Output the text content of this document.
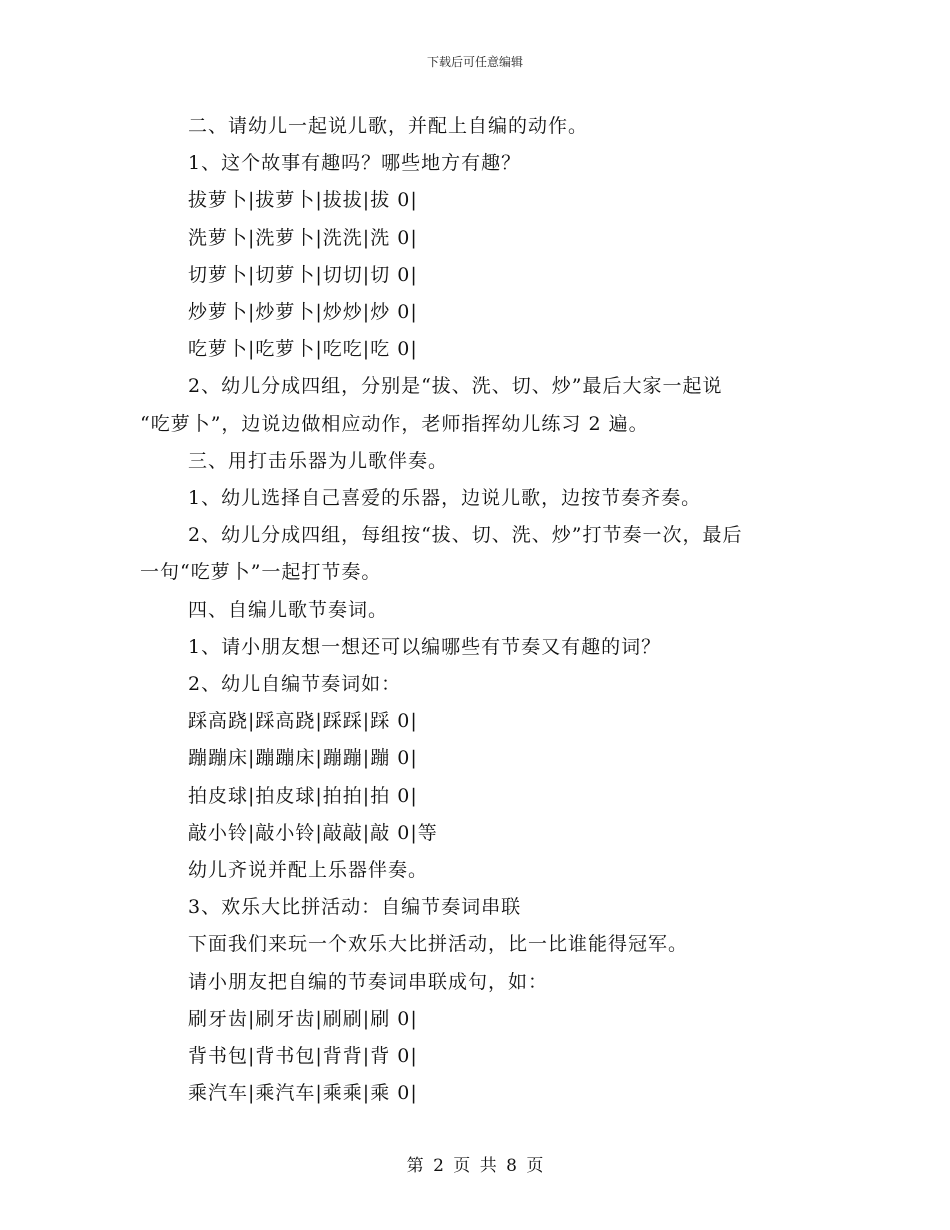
下载后可任意编辑
二、请幼儿一起说儿歌，并配上自编的动作。
1、这个故事有趣吗？哪些地方有趣？
拔萝卜|拔萝卜|拔拔|拔 0|
洗萝卜|洗萝卜|洗洗|洗 0|
切萝卜|切萝卜|切切|切 0|
炒萝卜|炒萝卜|炒炒|炒 0|
吃萝卜|吃萝卜|吃吃|吃 0|
2、幼儿分成四组，分别是“拔、洗、切、炒”最后大家一起说
“吃萝卜”，边说边做相应动作，老师指挥幼儿练习 2 遍。
三、用打击乐器为儿歌伴奏。
1、幼儿选择自己喜爱的乐器，边说儿歌，边按节奏齐奏。
2、幼儿分成四组，每组按“拔、切、洗、炒”打节奏一次，最后
一句“吃萝卜”一起打节奏。
四、自编儿歌节奏词。
1、请小朋友想一想还可以编哪些有节奏又有趣的词？
2、幼儿自编节奏词如：
踩高跷|踩高跷|踩踩|踩 0|
蹦蹦床|蹦蹦床|蹦蹦|蹦 0|
拍皮球|拍皮球|拍拍|拍 0|
敲小铃|敲小铃|敲敲|敲 0|等
幼儿齐说并配上乐器伴奏。
3、欢乐大比拼活动：自编节奏词串联
下面我们来玩一个欢乐大比拼活动，比一比谁能得冠军。
请小朋友把自编的节奏词串联成句，如：
刷牙齿|刷牙齿|刷刷|刷 0|
背书包|背书包|背背|背 0|
乘汽车|乘汽车|乘乘|乘 0|
第 2 页 共 8 页
